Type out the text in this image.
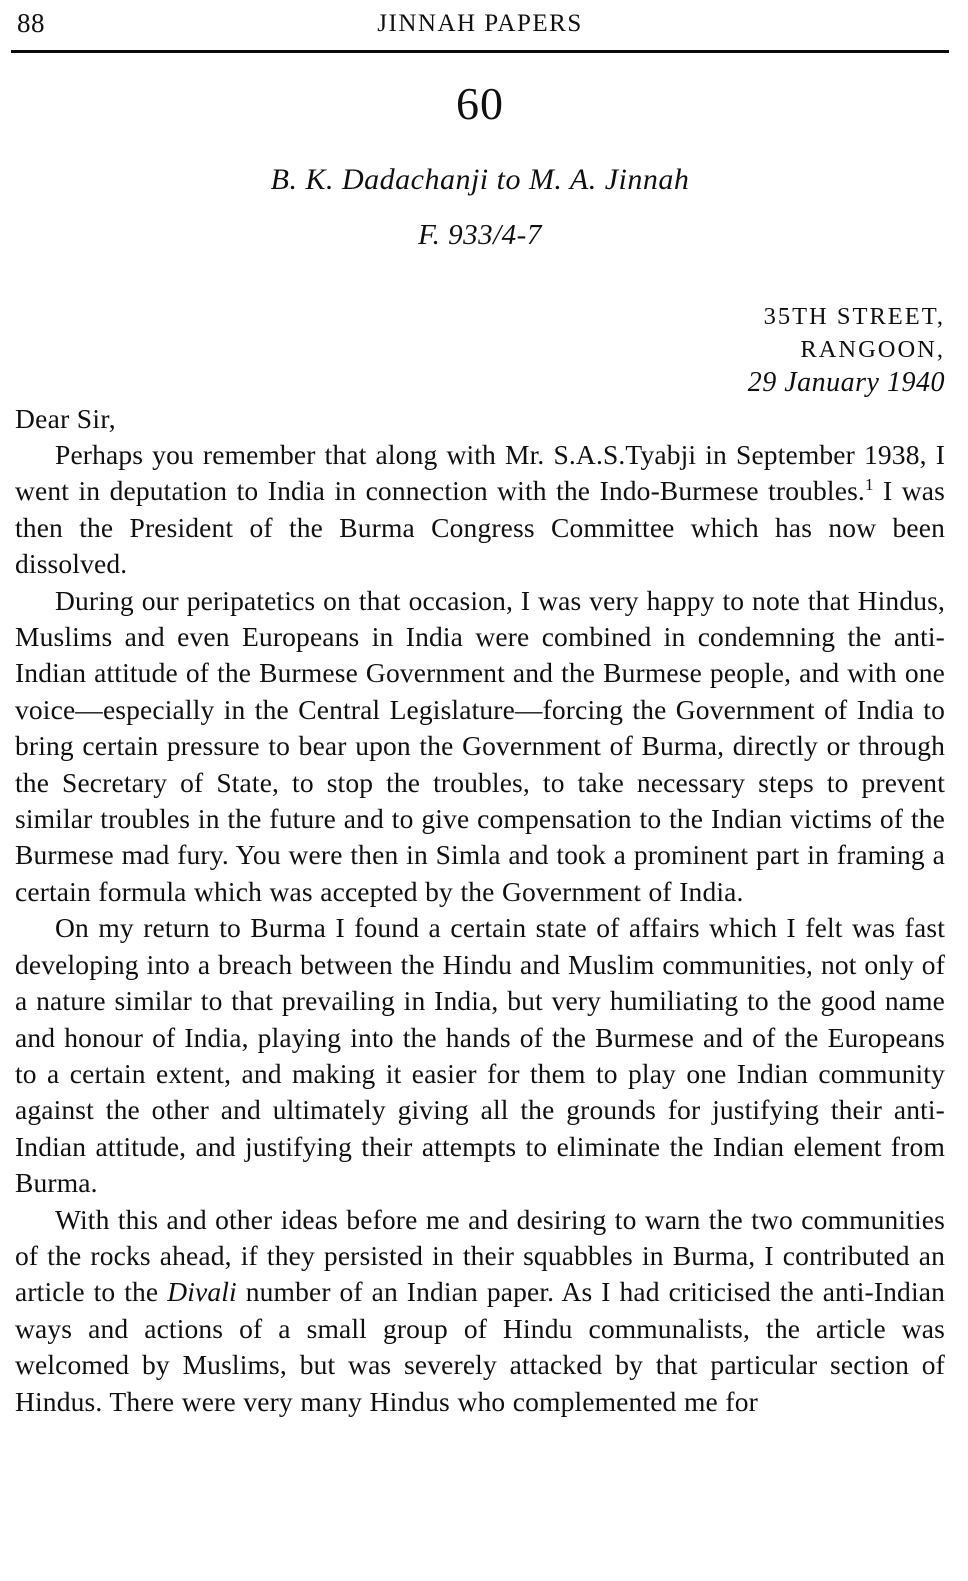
88	JINNAH PAPERS
60
B. K. Dadachanji to M. A. Jinnah
F. 933/4-7
35TH STREET,
RANGOON,
29 January 1940
Dear Sir,

Perhaps you remember that along with Mr. S.A.S.Tyabji in September 1938, I went in deputation to India in connection with the Indo-Burmese troubles.$^1$ I was then the President of the Burma Congress Committee which has now been dissolved.

During our peripatetics on that occasion, I was very happy to note that Hindus, Muslims and even Europeans in India were combined in condemning the anti-Indian attitude of the Burmese Government and the Burmese people, and with one voice—especially in the Central Legislature—forcing the Government of India to bring certain pressure to bear upon the Government of Burma, directly or through the Secretary of State, to stop the troubles, to take necessary steps to prevent similar troubles in the future and to give compensation to the Indian victims of the Burmese mad fury. You were then in Simla and took a prominent part in framing a certain formula which was accepted by the Government of India.

On my return to Burma I found a certain state of affairs which I felt was fast developing into a breach between the Hindu and Muslim communities, not only of a nature similar to that prevailing in India, but very humiliating to the good name and honour of India, playing into the hands of the Burmese and of the Europeans to a certain extent, and making it easier for them to play one Indian community against the other and ultimately giving all the grounds for justifying their anti-Indian attitude, and justifying their attempts to eliminate the Indian element from Burma.

With this and other ideas before me and desiring to warn the two communities of the rocks ahead, if they persisted in their squabbles in Burma, I contributed an article to the Divali number of an Indian paper. As I had criticised the anti-Indian ways and actions of a small group of Hindu communalists, the article was welcomed by Muslims, but was severely attacked by that particular section of Hindus. There were very many Hindus who complemented me for
